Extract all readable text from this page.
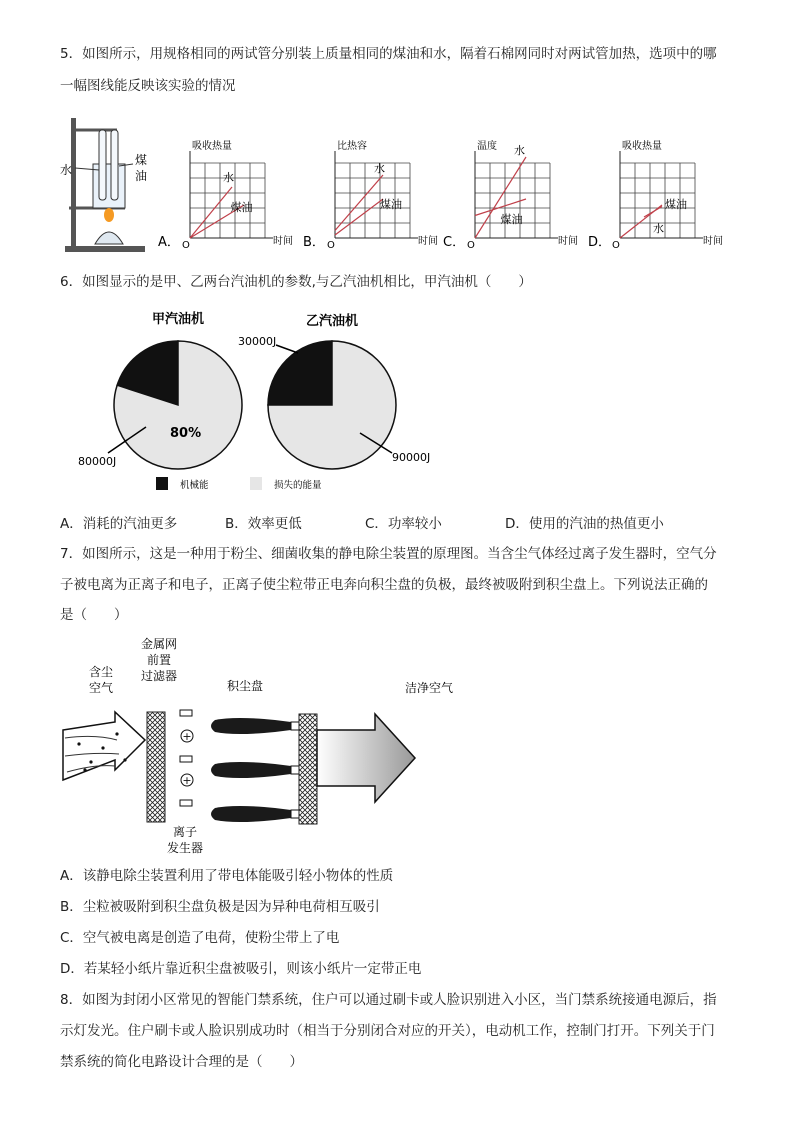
5．如图所示，用规格相同的两试管分别装上质量相同的煤油和水，隔着石棉网同时对两试管加热，选项中的哪
一幅图线能反映该实验的情况
水
煤
油
吸收热量
时间
O
水
煤油
A．
比热容
时间
O
水
煤油
B．
温度
时间
O
水
煤油
C．
吸收热量
时间
O
煤油
水
D．
6．如图显示的是甲、乙两台汽油机的参数,与乙汽油机相比，甲汽油机（　　）
甲汽油机	乙汽油机
80%
80000J
30000J
90000J
机械能	损失的能量
A．消耗的汽油更多	B．效率更低	C．功率较小	D．使用的汽油的热值更小
7．如图所示，这是一种用于粉尘、细菌收集的静电除尘装置的原理图。当含尘气体经过离子发生器时，空气分
子被电离为正离子和电子，正离子使尘粒带正电奔向积尘盘的负极，最终被吸附到积尘盘上。下列说法正确的
是（　　）
金属网
前置
过滤器
含尘
空气	积尘盘	洁净空气
离子
发生器
+
+
A．该静电除尘装置利用了带电体能吸引轻小物体的性质
B．尘粒被吸附到积尘盘负极是因为异种电荷相互吸引
C．空气被电离是创造了电荷，使粉尘带上了电
D．若某轻小纸片靠近积尘盘被吸引，则该小纸片一定带正电
8．如图为封闭小区常见的智能门禁系统，住户可以通过刷卡或人脸识别进入小区，当门禁系统接通电源后，指
示灯发光。住户刷卡或人脸识别成功时（相当于分别闭合对应的开关），电动机工作，控制门打开。下列关于门
禁系统的简化电路设计合理的是（　　）
